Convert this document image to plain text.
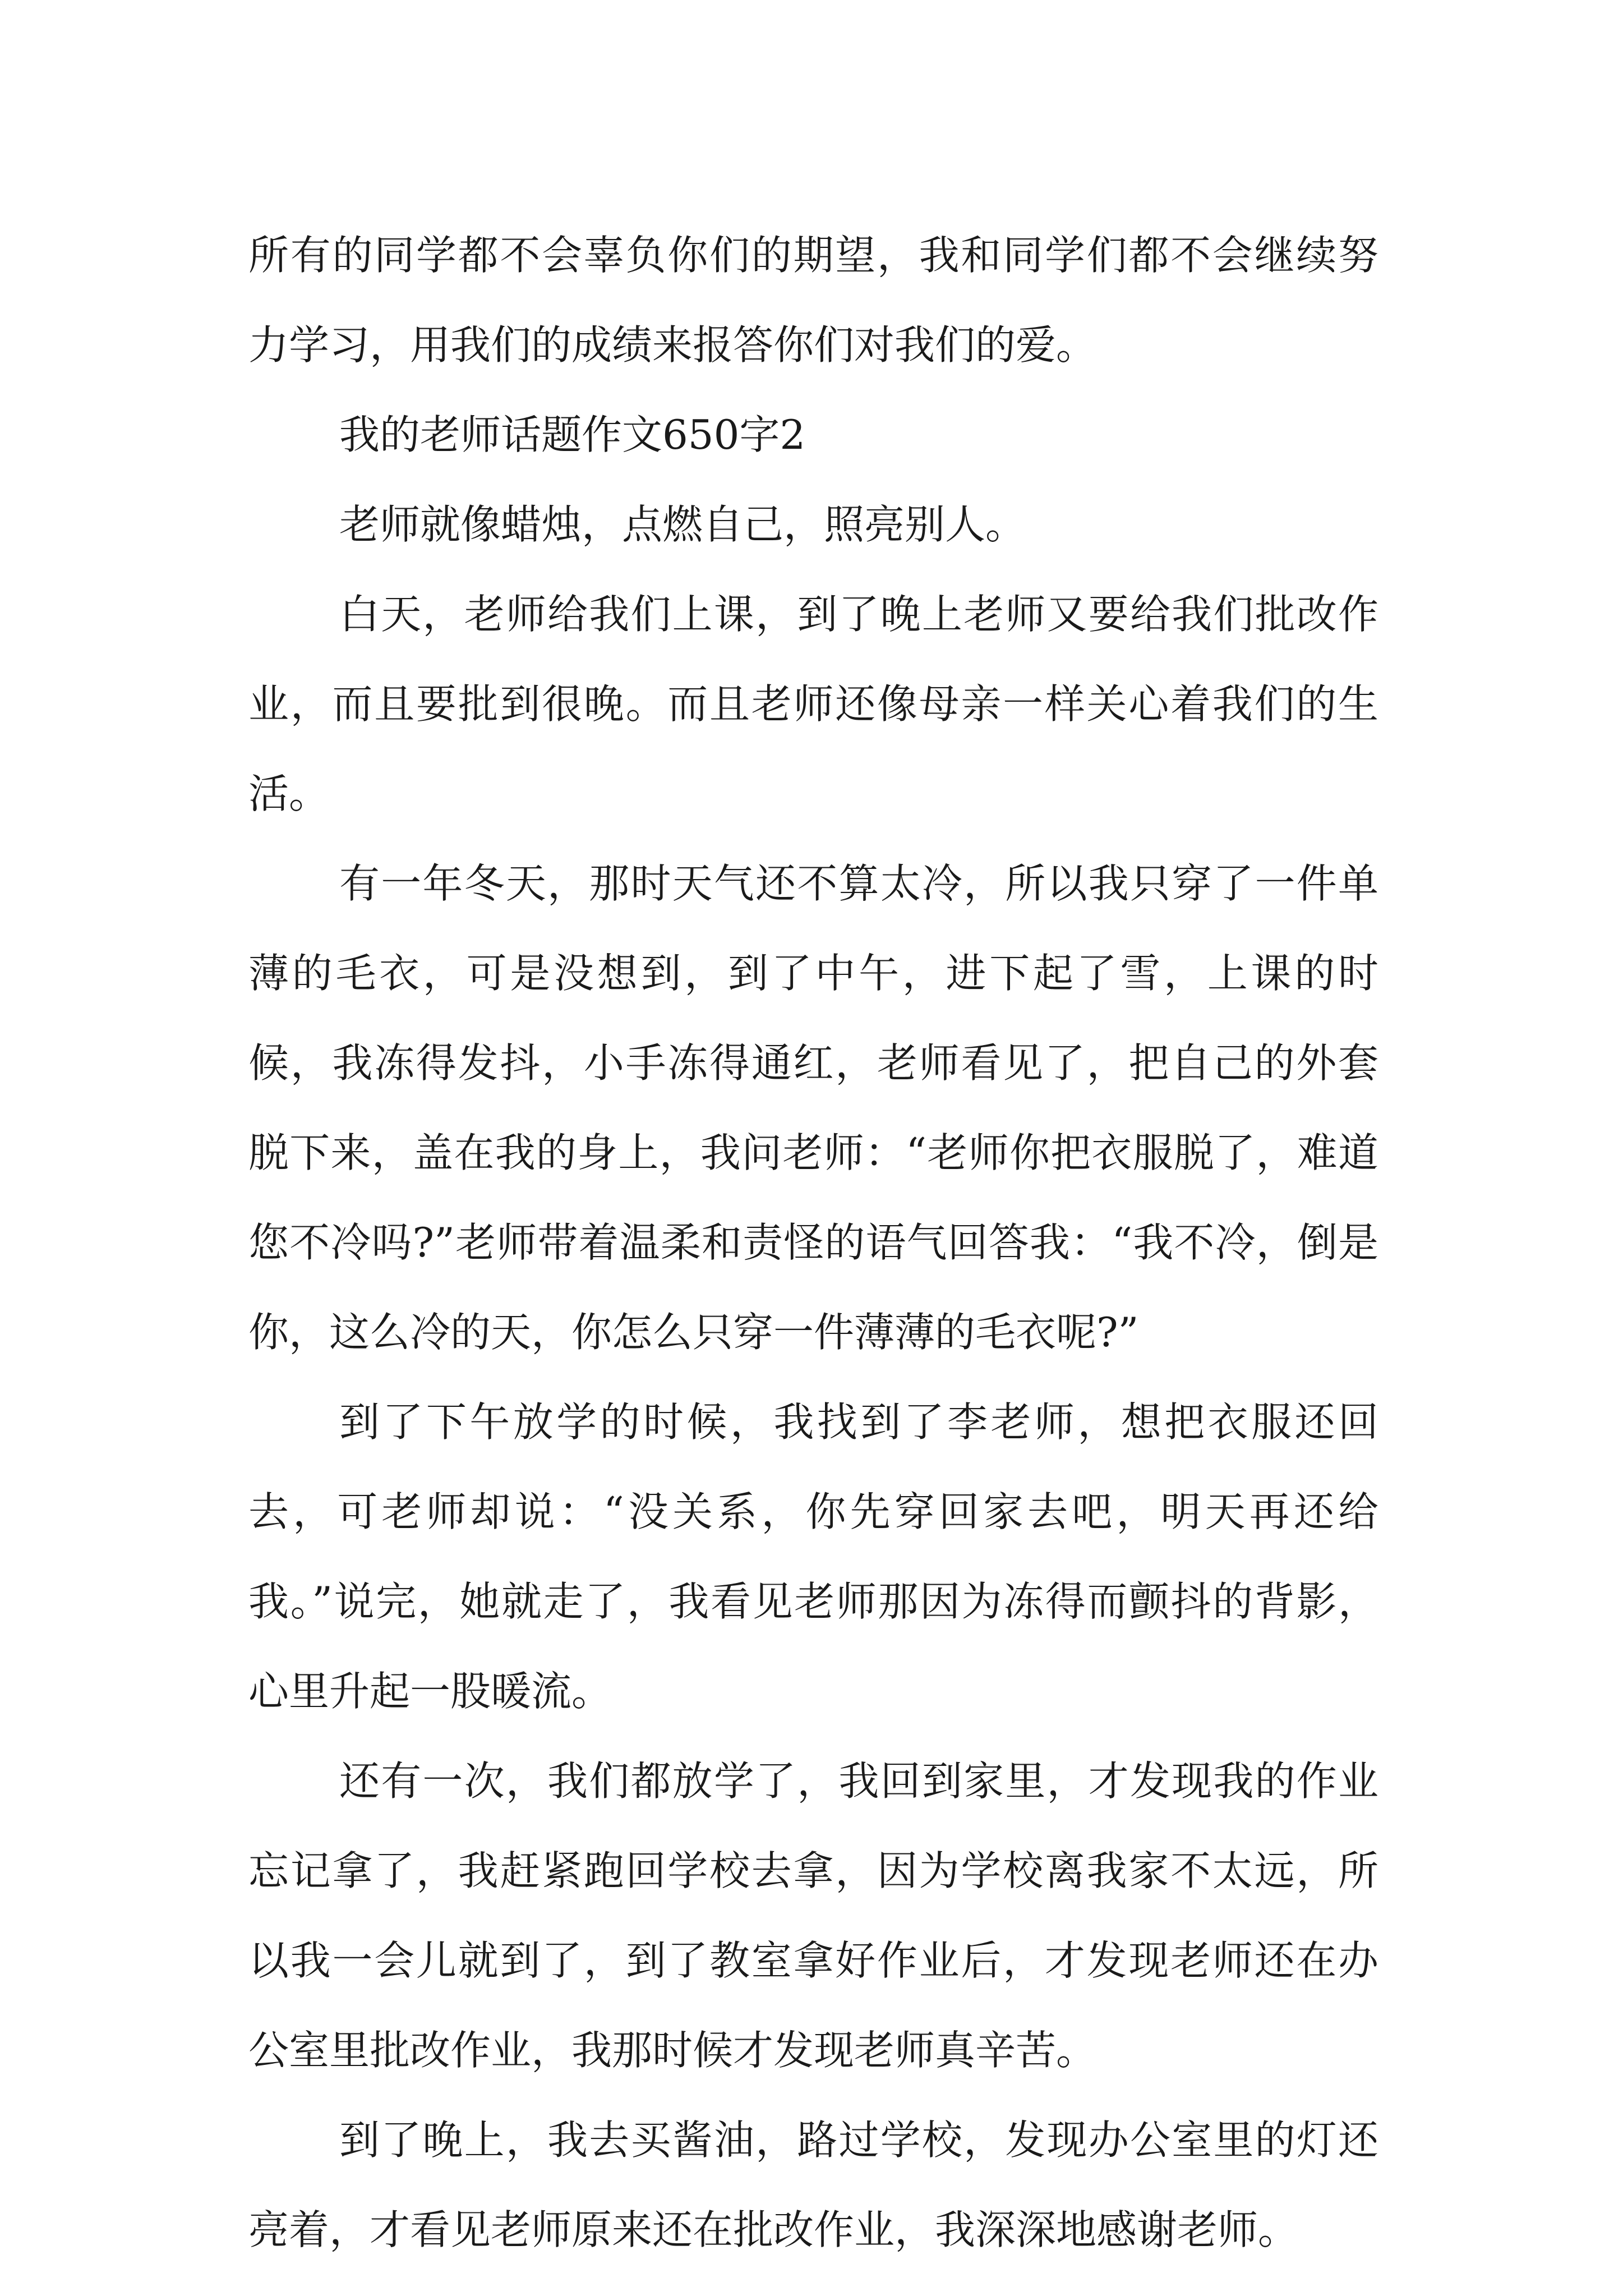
所有的同学都不会辜负你们的期望，我和同学们都不会继续努力学习，用我们的成绩来报答你们对我们的爱。

我的老师话题作文650字2

老师就像蜡烛，点燃自己，照亮别人。

白天，老师给我们上课，到了晚上老师又要给我们批改作业，而且要批到很晚。而且老师还像母亲一样关心着我们的生活。

有一年冬天，那时天气还不算太冷，所以我只穿了一件单薄的毛衣，可是没想到，到了中午，进下起了雪，上课的时候，我冻得发抖，小手冻得通红，老师看见了，把自己的外套脱下来，盖在我的身上，我问老师：“老师你把衣服脱了，难道您不冷吗?”老师带着温柔和责怪的语气回答我：“我不冷，倒是你，这么冷的天，你怎么只穿一件薄薄的毛衣呢?”

到了下午放学的时候，我找到了李老师，想把衣服还回去，可老师却说：“没关系，你先穿回家去吧，明天再还给我。”说完，她就走了，我看见老师那因为冻得而颤抖的背影，心里升起一股暖流。

还有一次，我们都放学了，我回到家里，才发现我的作业忘记拿了，我赶紧跑回学校去拿，因为学校离我家不太远，所以我一会儿就到了，到了教室拿好作业后，才发现老师还在办公室里批改作业，我那时候才发现老师真辛苦。

到了晚上，我去买酱油，路过学校，发现办公室里的灯还亮着，才看见老师原来还在批改作业，我深深地感谢老师。
